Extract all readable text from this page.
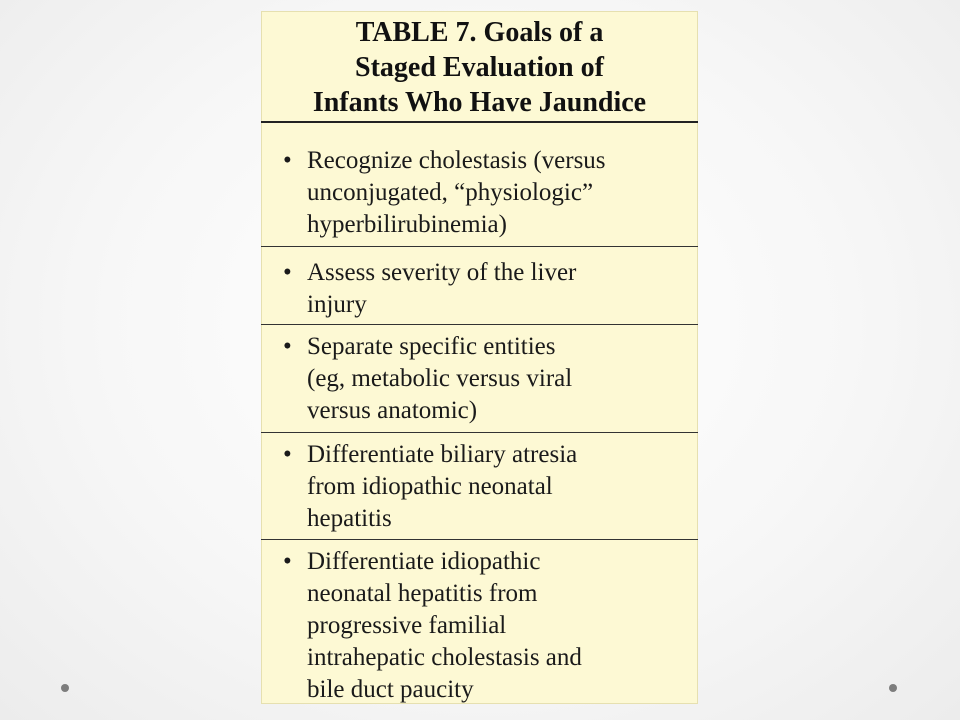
TABLE 7. Goals of a
Staged Evaluation of
Infants Who Have Jaundice
• Recognize cholestasis (versus
unconjugated, “physiologic”
hyperbilirubinemia)
• Assess severity of the liver
injury
• Separate specific entities
(eg, metabolic versus viral
versus anatomic)
• Differentiate biliary atresia
from idiopathic neonatal
hepatitis
• Differentiate idiopathic
neonatal hepatitis from
progressive familial
intrahepatic cholestasis and
bile duct paucity
